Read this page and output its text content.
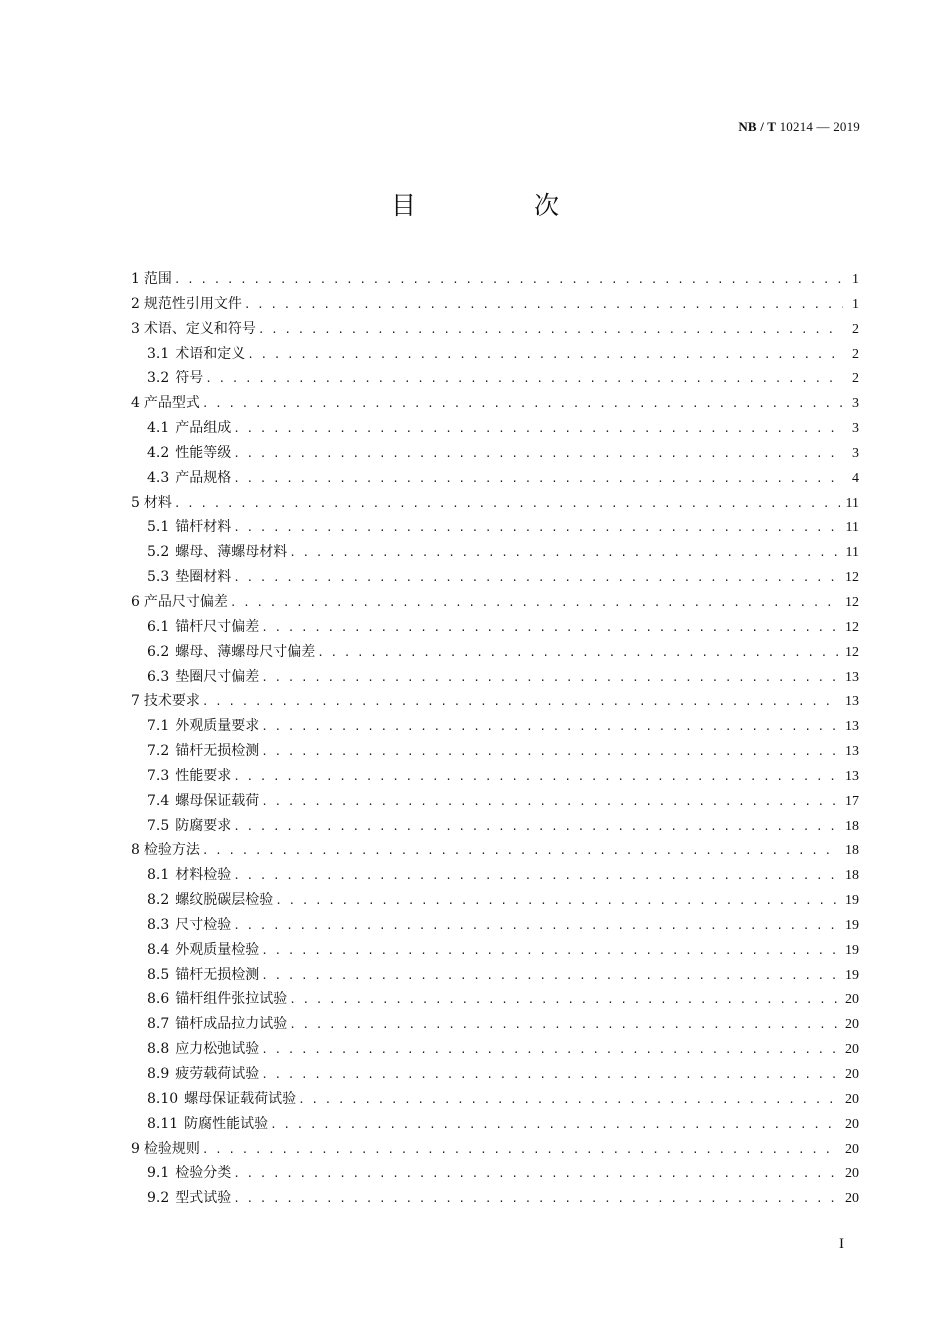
NB / T 10214 — 2019
目 次
1 范围 . . .	1
2 规范性引用文件 . . .	1
3 术语、定义和符号 . . .	2
3.1 术语和定义 . . .	2
3.2 符号 . . .	2
4 产品型式 . . .	3
4.1 产品组成 . . .	3
4.2 性能等级 . . .	3
4.3 产品规格 . . .	4
5 材料 . . .	11
5.1 锚杆材料 . . .	11
5.2 螺母、薄螺母材料 . . .	11
5.3 垫圈材料 . . .	12
6 产品尺寸偏差 . . .	12
6.1 锚杆尺寸偏差 . . .	12
6.2 螺母、薄螺母尺寸偏差 . . .	12
6.3 垫圈尺寸偏差 . . .	13
7 技术要求 . . .	13
7.1 外观质量要求 . . .	13
7.2 锚杆无损检测 . . .	13
7.3 性能要求 . . .	13
7.4 螺母保证载荷 . . .	17
7.5 防腐要求 . . .	18
8 检验方法 . . .	18
8.1 材料检验 . . .	18
8.2 螺纹脱碳层检验 . . .	19
8.3 尺寸检验 . . .	19
8.4 外观质量检验 . . .	19
8.5 锚杆无损检测 . . .	19
8.6 锚杆组件张拉试验 . . .	20
8.7 锚杆成品拉力试验 . . .	20
8.8 应力松弛试验 . . .	20
8.9 疲劳载荷试验 . . .	20
8.10 螺母保证载荷试验 . . .	20
8.11 防腐性能试验 . . .	20
9 检验规则 . . .	20
9.1 检验分类 . . .	20
9.2 型式试验 . . .	20
I
